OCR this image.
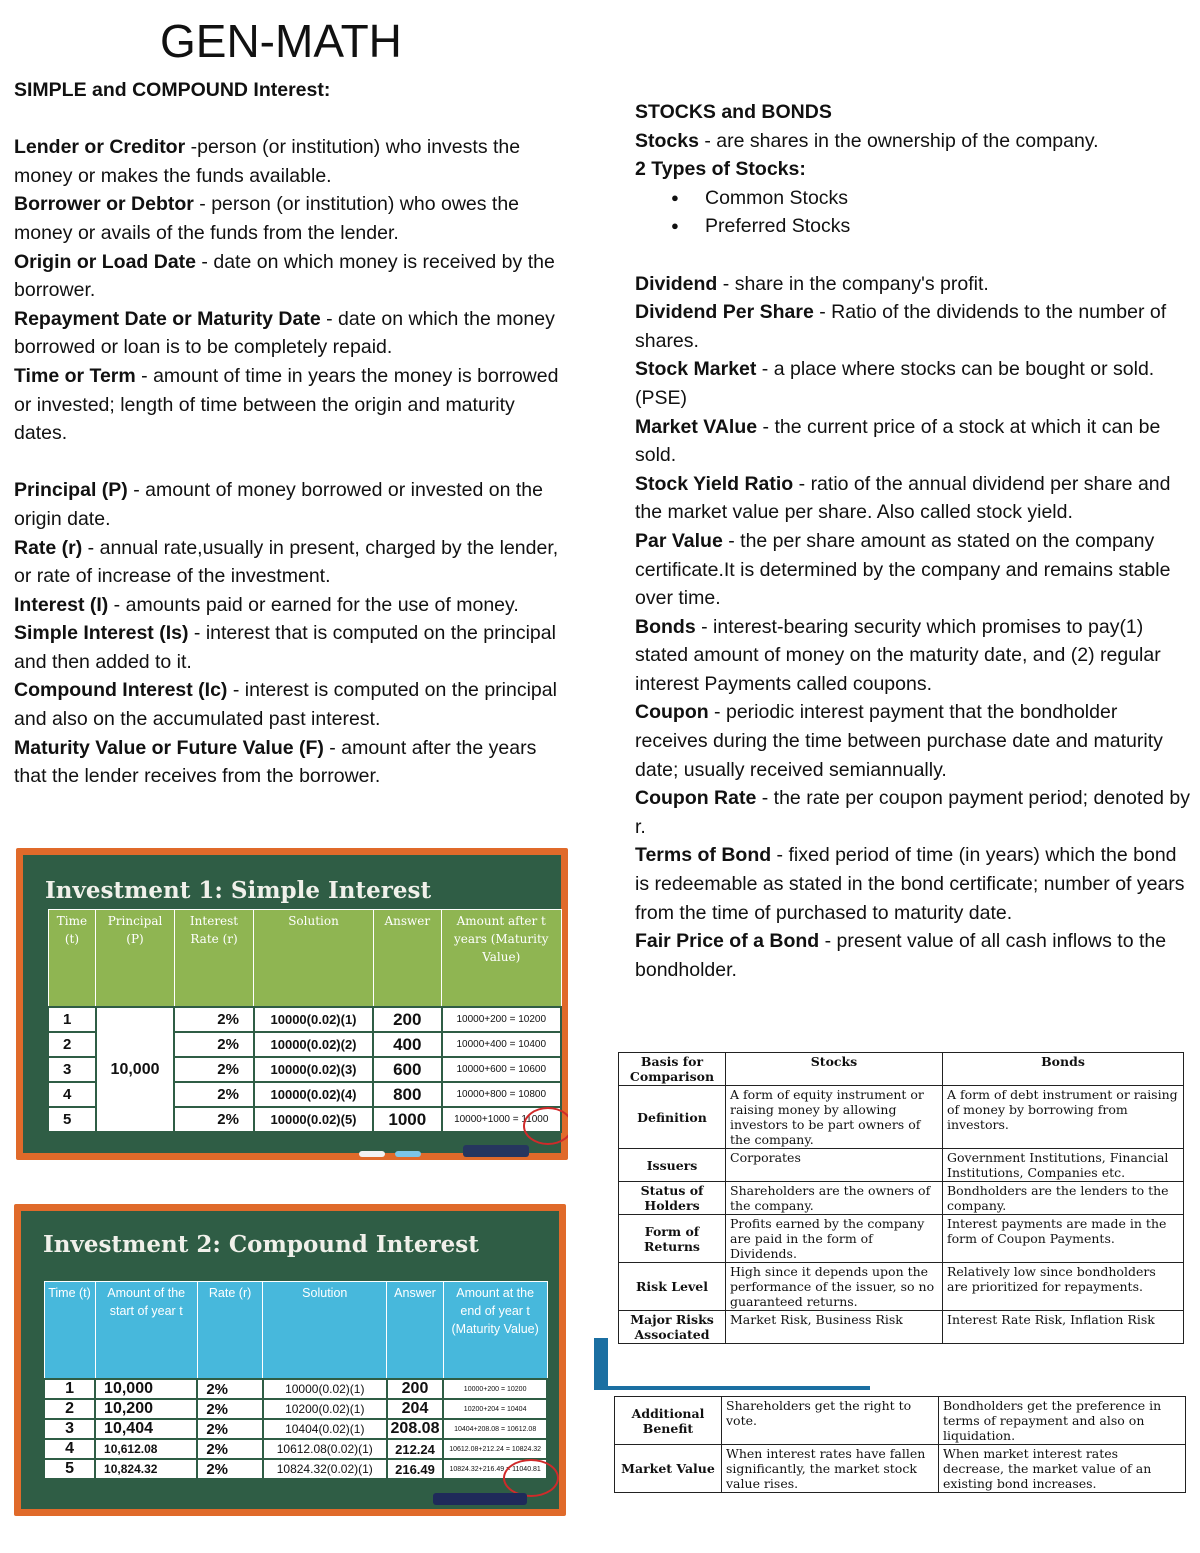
GEN-MATH

SIMPLE and COMPOUND Interest:

Lender or Creditor -person (or institution) who invests the money or makes the funds available.

Borrower or Debtor - person (or institution) who owes the money or avails of the funds from the lender.

Origin or Load Date - date on which money is received by the borrower.

Repayment Date or Maturity Date - date on which the money borrowed or loan is to be completely repaid.

Time or Term - amount of time in years the money is borrowed or invested; length of time between the origin and maturity dates.

Principal (P) - amount of money borrowed or invested on the origin date.

Rate (r) - annual rate,usually in present, charged by the lender, or rate of increase of the investment.

Interest (I) - amounts paid or earned for the use of money.

Simple Interest (Is) - interest that is computed on the principal and then added to it.

Compound Interest (Ic) - interest is computed on the principal and also on the accumulated past interest.

Maturity Value or Future Value (F) - amount after the years that the lender receives from the borrower.

STOCKS and BONDS

Stocks - are shares in the ownership of the company.

2 Types of Stocks:

● Common Stocks
● Preferred Stocks

Dividend - share in the company's profit.

Dividend Per Share - Ratio of the dividends to the number of shares.

Stock Market - a place where stocks can be bought or sold.(PSE)

Market VAlue - the current price of a stock at which it can be sold.

Stock Yield Ratio - ratio of the annual dividend per share and the market value per share. Also called stock yield.

Par Value - the per share amount as stated on the company certificate.It is determined by the company and remains stable over time.

Bonds - interest-bearing security which promises to pay(1) stated amount of money on the maturity date, and (2) regular interest Payments called coupons.

Coupon - periodic interest payment that the bondholder receives during the time between purchase date and maturity date; usually received semiannually.

Coupon Rate - the rate per coupon payment period; denoted by r.

Terms of Bond - fixed period of time (in years) which the bond is redeemable as stated in the bond certificate; number of years from the time of purchased to maturity date.

Fair Price of a Bond - present value of all cash inflows to the bondholder.

Investment 1: Simple Interest
Time (t)	Principal (P)	Interest Rate (r)	Solution	Answer	Amount after t years (Maturity Value)
1	10,000	2%	10000(0.02)(1)	200	10000+200 = 10200
2		2%	10000(0.02)(2)	400	10000+400 = 10400
3		2%	10000(0.02)(3)	600	10000+600 = 10600
4		2%	10000(0.02)(4)	800	10000+800 = 10800
5		2%	10000(0.02)(5)	1000	10000+1000 = 11000
Investment 2: Compound Interest
Time (t)	Amount of the start of year t	Rate (r)	Solution	Answer	Amount at the end of year t (Maturity Value)
1	10,000	2%	10000(0.02)(1)	200	10000+200 = 10200
2	10,200	2%	10200(0.02)(1)	204	10200+204 = 10404
3	10,404	2%	10404(0.02)(1)	208.08	10404+208.08 = 10612.08
4	10,612.08	2%	10612.08(0.02)(1)	212.24	10612.08+212.24 = 10824.32
5	10,824.32	2%	10824.32(0.02)(1)	216.49	10824.32+216.49 = 11040.81
Basis for Comparison	Stocks	Bonds
Definition	A form of equity instrument or raising money by allowing investors to be part owners of the company.	A form of debt instrument or raising of money by borrowing from investors.
Issuers	Corporates	Government Institutions, Financial Institutions, Companies etc.
Status of Holders	Shareholders are the owners of the company.	Bondholders are the lenders to the company.
Form of Returns	Profits earned by the company are paid in the form of Dividends.	Interest payments are made in the form of Coupon Payments.
Risk Level	High since it depends upon the performance of the issuer, so no guaranteed returns.	Relatively low since bondholders are prioritized for repayments.
Major Risks Associated	Market Risk, Business Risk	Interest Rate Risk, Inflation Risk
Additional Benefit	Shareholders get the right to vote.	Bondholders get the preference in terms of repayment and also on liquidation.
Market Value	When interest rates have fallen significantly, the market stock value rises.	When market interest rates decrease, the market value of an existing bond increases.
